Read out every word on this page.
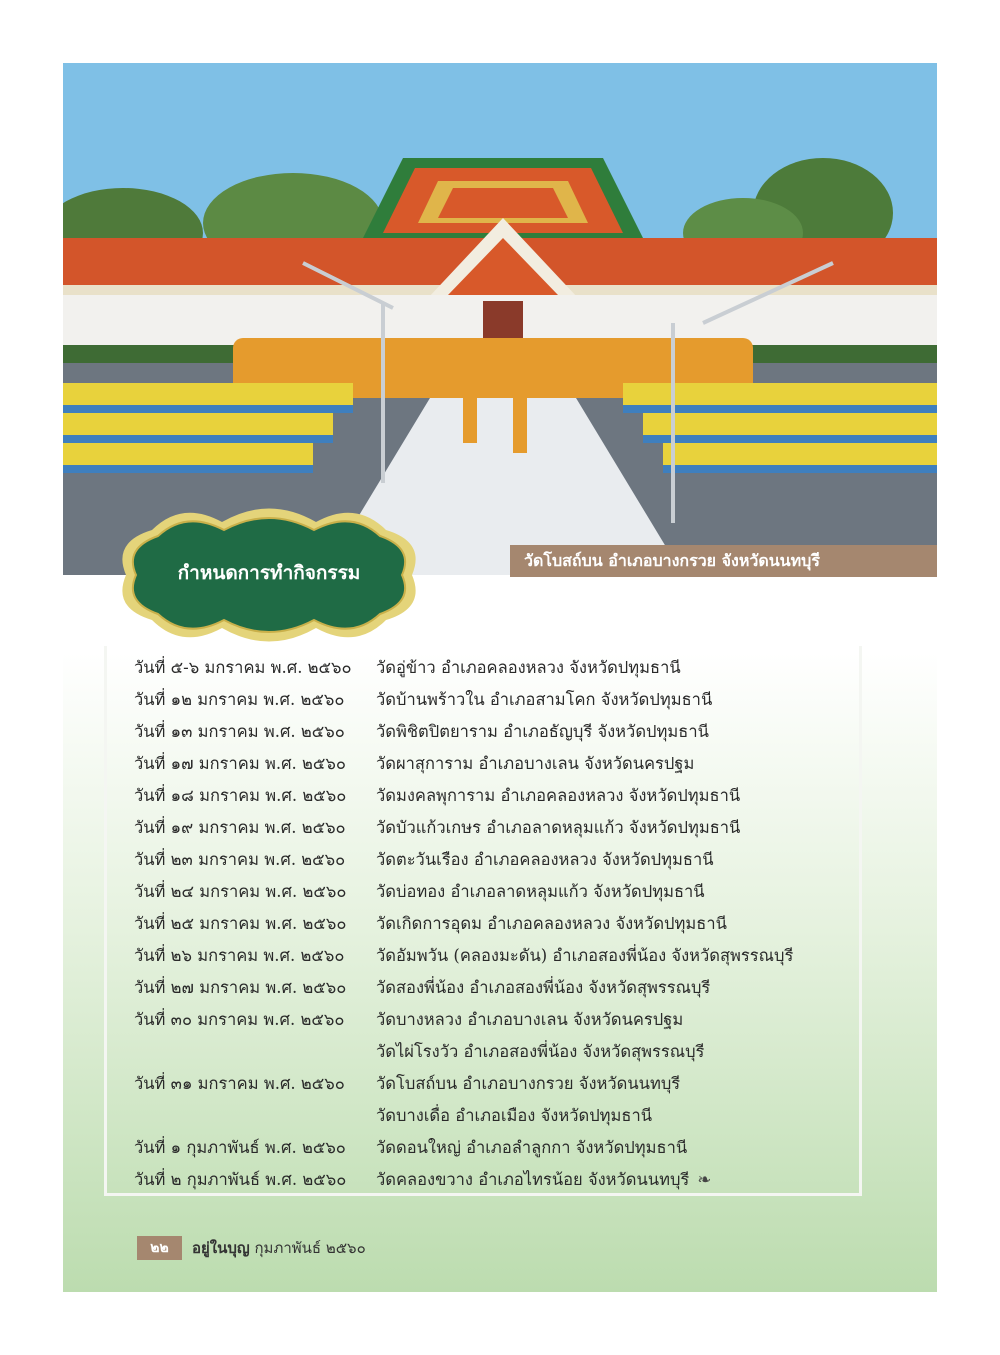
วัดโบสถ์บน อำเภอบางกรวย จังหวัดนนทบุรี
กำหนดการทำกิจกรรม
วันที่ ๕-๖ มกราคม พ.ศ. ๒๕๖๐ วัดอู่ข้าว อำเภอคลองหลวง จังหวัดปทุมธานี
วันที่ ๑๒ มกราคม พ.ศ. ๒๕๖๐ วัดบ้านพร้าวใน อำเภอสามโคก จังหวัดปทุมธานี
วันที่ ๑๓ มกราคม พ.ศ. ๒๕๖๐ วัดพิชิตปิตยาราม อำเภอธัญบุรี จังหวัดปทุมธานี
วันที่ ๑๗ มกราคม พ.ศ. ๒๕๖๐ วัดผาสุการาม อำเภอบางเลน จังหวัดนครปฐม
วันที่ ๑๘ มกราคม พ.ศ. ๒๕๖๐ วัดมงคลพุการาม อำเภอคลองหลวง จังหวัดปทุมธานี
วันที่ ๑๙ มกราคม พ.ศ. ๒๕๖๐ วัดบัวแก้วเกษร อำเภอลาดหลุมแก้ว จังหวัดปทุมธานี
วันที่ ๒๓ มกราคม พ.ศ. ๒๕๖๐ วัดตะวันเรือง อำเภอคลองหลวง จังหวัดปทุมธานี
วันที่ ๒๔ มกราคม พ.ศ. ๒๕๖๐ วัดบ่อทอง อำเภอลาดหลุมแก้ว จังหวัดปทุมธานี
วันที่ ๒๕ มกราคม พ.ศ. ๒๕๖๐ วัดเกิดการอุดม อำเภอคลองหลวง จังหวัดปทุมธานี
วันที่ ๒๖ มกราคม พ.ศ. ๒๕๖๐ วัดอัมพวัน (คลองมะดัน) อำเภอสองพี่น้อง จังหวัดสุพรรณบุรี
วันที่ ๒๗ มกราคม พ.ศ. ๒๕๖๐ วัดสองพี่น้อง อำเภอสองพี่น้อง จังหวัดสุพรรณบุรี
วันที่ ๓๐ มกราคม พ.ศ. ๒๕๖๐ วัดบางหลวง อำเภอบางเลน จังหวัดนครปฐม
วัดไผ่โรงวัว อำเภอสองพี่น้อง จังหวัดสุพรรณบุรี
วันที่ ๓๑ มกราคม พ.ศ. ๒๕๖๐ วัดโบสถ์บน อำเภอบางกรวย จังหวัดนนทบุรี
วัดบางเดื่อ อำเภอเมือง จังหวัดปทุมธานี
วันที่ ๑ กุมภาพันธ์ พ.ศ. ๒๕๖๐ วัดดอนใหญ่ อำเภอลำลูกกา จังหวัดปทุมธานี
วันที่ ๒ กุมภาพันธ์ พ.ศ. ๒๕๖๐ วัดคลองขวาง อำเภอไทรน้อย จังหวัดนนทบุรี ❧
๒๒	อยู่ในบุญ กุมภาพันธ์ ๒๕๖๐
